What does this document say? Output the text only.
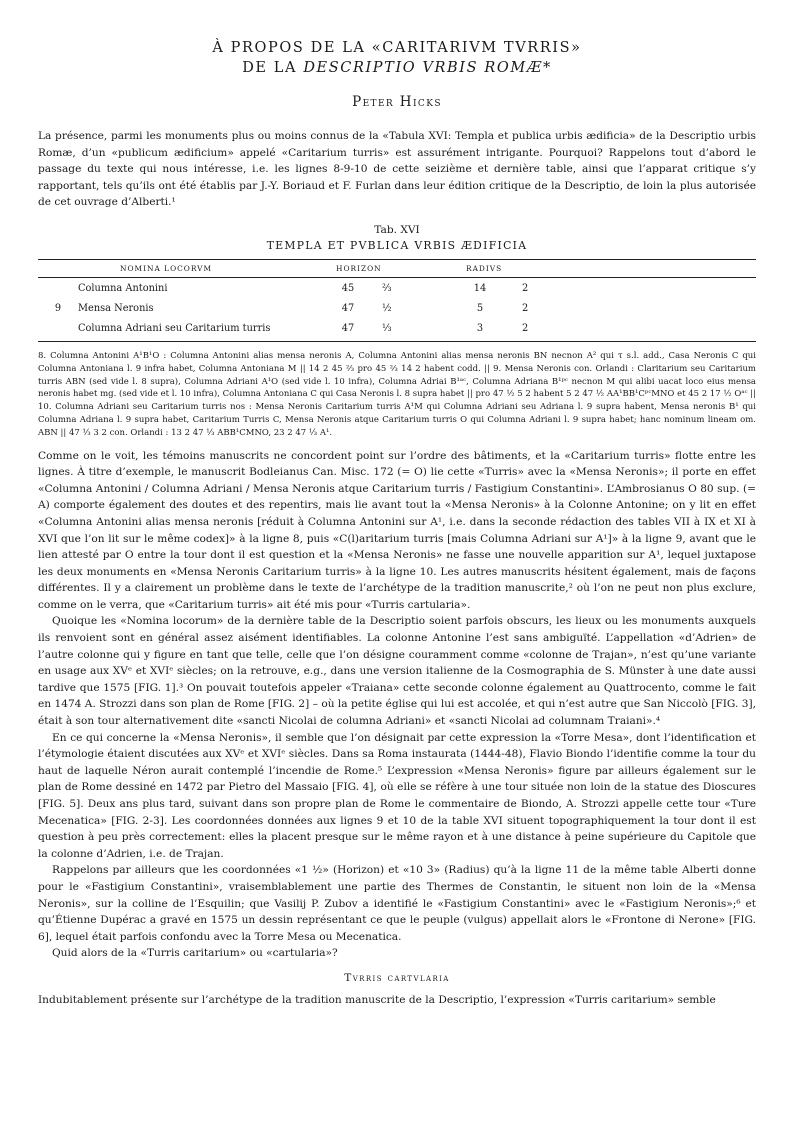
À PROPOS DE LA «CARITARIVM TVRRIS»

DE LA DESCRIPTIO VRBIS ROMÆ*

Peter Hicks

La présence, parmi les monuments plus ou moins connus de la «Tabula XVI: Templa et publica urbis ædificia» de la Descriptio urbis Romæ, d’un «publicum ædificium» appelé «Caritarium turris» est assurément intrigante. Pourquoi? Rappelons tout d’abord le passage du texte qui nous intéresse, i.e. les lignes 8-9-10 de cette seizième et dernière table, ainsi que l’apparat critique s’y rapportant, tels qu’ils ont été établis par J.-Y. Boriaud et F. Furlan dans leur édition critique de la Descriptio, de loin la plus autorisée de cet ouvrage d’Alberti.¹

Tab. XVI
TEMPLA ET PVBLICA VRBIS ÆDIFICIA
	NOMINA LOCORVM	HORIZON		RADIVS	
	Columna Antonini	45	⅔	14	2
9	Mensa Neronis	47	½	5	2
	Columna Adriani seu Caritarium turris	47	⅓	3	2
8. Columna Antonini A¹B¹O : Columna Antonini alias mensa neronis A, Columna Antonini alias mensa neronis BN necnon A² qui τ s.l. add., Casa Neronis C qui Columna Antoniana l. 9 infra habet, Columna Antoniana M || 14 2 45 ⅔ pro 45 ⅔ 14 2 habent codd. || 9. Mensa Neronis con. Orlandi : Claritarium seu Caritarium turris ABN (sed vide l. 8 supra), Columna Adriani A¹O (sed vide l. 10 infra), Columna Adriai B¹ᵃᶜ, Columna Adriana B¹ᵖᶜ necnon M qui alibi uacat loco eius mensa neronis habet mg. (sed vide et l. 10 infra), Columna Antoniana C qui Casa Neronis l. 8 supra habet || pro 47 ½ 5 2 habent 5 2 47 ½ AA¹BB¹CᵖᶜMNO et 45 2 17 ½ Oᵃᶜ || 10. Columna Adriani seu Caritarium turris nos : Mensa Neronis Caritarium turris A¹M qui Columna Adriani seu Adriana l. 9 supra habent, Mensa neronis B¹ qui Columna Adriana l. 9 supra habet, Caritarium Turris C, Mensa Neronis atque Caritarium turris O qui Columna Adriani l. 9 supra habet; hanc nominum lineam om. ABN || 47 ⅓ 3 2 con. Orlandi : 13 2 47 ⅓ ABB¹CMNO, 23 2 47 ⅓ A¹.

Comme on le voit, les témoins manuscrits ne concordent point sur l’ordre des bâtiments, et la «Caritarium turris» flotte entre les lignes. À titre d’exemple, le manuscrit Bodleianus Can. Misc. 172 (= O) lie cette «Turris» avec la «Mensa Neronis»; il porte en effet «Columna Antonini / Columna Adriani / Mensa Neronis atque Caritarium turris / Fastigium Constantini». L’Ambrosianus O 80 sup. (= A) comporte également des doutes et des repentirs, mais lie avant tout la «Mensa Neronis» à la Colonne Antonine; on y lit en effet «Columna Antonini alias mensa neronis [réduit à Columna Antonini sur A¹, i.e. dans la seconde rédaction des tables VII à IX et XI à XVI que l’on lit sur le même codex]» à la ligne 8, puis «C(l)aritarium turris [mais Columna Adriani sur A¹]» à la ligne 9, avant que le lien attesté par O entre la tour dont il est question et la «Mensa Neronis» ne fasse une nouvelle apparition sur A¹, lequel juxtapose les deux monuments en «Mensa Neronis Caritarium turris» à la ligne 10. Les autres manuscrits hésitent également, mais de façons différentes. Il y a clairement un problème dans le texte de l’archétype de la tradition manuscrite,² où l’on ne peut non plus exclure, comme on le verra, que «Caritarium turris» ait été mis pour «Turris cartularia».

Quoique les «Nomina locorum» de la dernière table de la Descriptio soient parfois obscurs, les lieux ou les monuments auxquels ils renvoient sont en général assez aisément identifiables. La colonne Antonine l’est sans ambiguïté. L’appellation «d’Adrien» de l’autre colonne qui y figure en tant que telle, celle que l’on désigne couramment comme «colonne de Trajan», n’est qu’une variante en usage aux XVᵉ et XVIᵉ siècles; on la retrouve, e.g., dans une version italienne de la Cosmographia de S. Münster à une date aussi tardive que 1575 [FIG. 1].³ On pouvait toutefois appeler «Traiana» cette seconde colonne également au Quattrocento, comme le fait en 1474 A. Strozzi dans son plan de Rome [FIG. 2] – où la petite église qui lui est accolée, et qui n’est autre que San Niccolò [FIG. 3], était à son tour alternativement dite «sancti Nicolai de columna Adriani» et «sancti Nicolai ad columnam Traiani».⁴

En ce qui concerne la «Mensa Neronis», il semble que l’on désignait par cette expression la «Torre Mesa», dont l’identification et l’étymologie étaient discutées aux XVᵉ et XVIᵉ siècles. Dans sa Roma instaurata (1444-48), Flavio Biondo l’identifie comme la tour du haut de laquelle Néron aurait contemplé l’incendie de Rome.⁵ L’expression «Mensa Neronis» figure par ailleurs également sur le plan de Rome dessiné en 1472 par Pietro del Massaio [FIG. 4], où elle se réfère à une tour située non loin de la statue des Dioscures [FIG. 5]. Deux ans plus tard, suivant dans son propre plan de Rome le commentaire de Biondo, A. Strozzi appelle cette tour «Ture Mecenatica» [FIG. 2-3]. Les coordonnées données aux lignes 9 et 10 de la table XVI situent topographiquement la tour dont il est question à peu près correctement: elles la placent presque sur le même rayon et à une distance à peine supérieure du Capitole que la colonne d’Adrien, i.e. de Trajan.

Rappelons par ailleurs que les coordonnées «1 ½» (Horizon) et «10 3» (Radius) qu’à la ligne 11 de la même table Alberti donne pour le «Fastigium Constantini», vraisemblablement une partie des Thermes de Constantin, le situent non loin de la «Mensa Neronis», sur la colline de l’Esquilin; que Vasilij P. Zubov a identifié le «Fastigium Constantini» avec le «Fastigium Neronis»;⁶ et qu’Étienne Dupérac a gravé en 1575 un dessin représentant ce que le peuple (vulgus) appellait alors le «Frontone di Nerone» [FIG. 6], lequel était parfois confondu avec la Torre Mesa ou Mecenatica.

Quid alors de la «Turris caritarium» ou «cartularia»?

Tvrris cartvlaria

Indubitablement présente sur l’archétype de la tradition manuscrite de la Descriptio, l’expression «Turris caritarium» semble
